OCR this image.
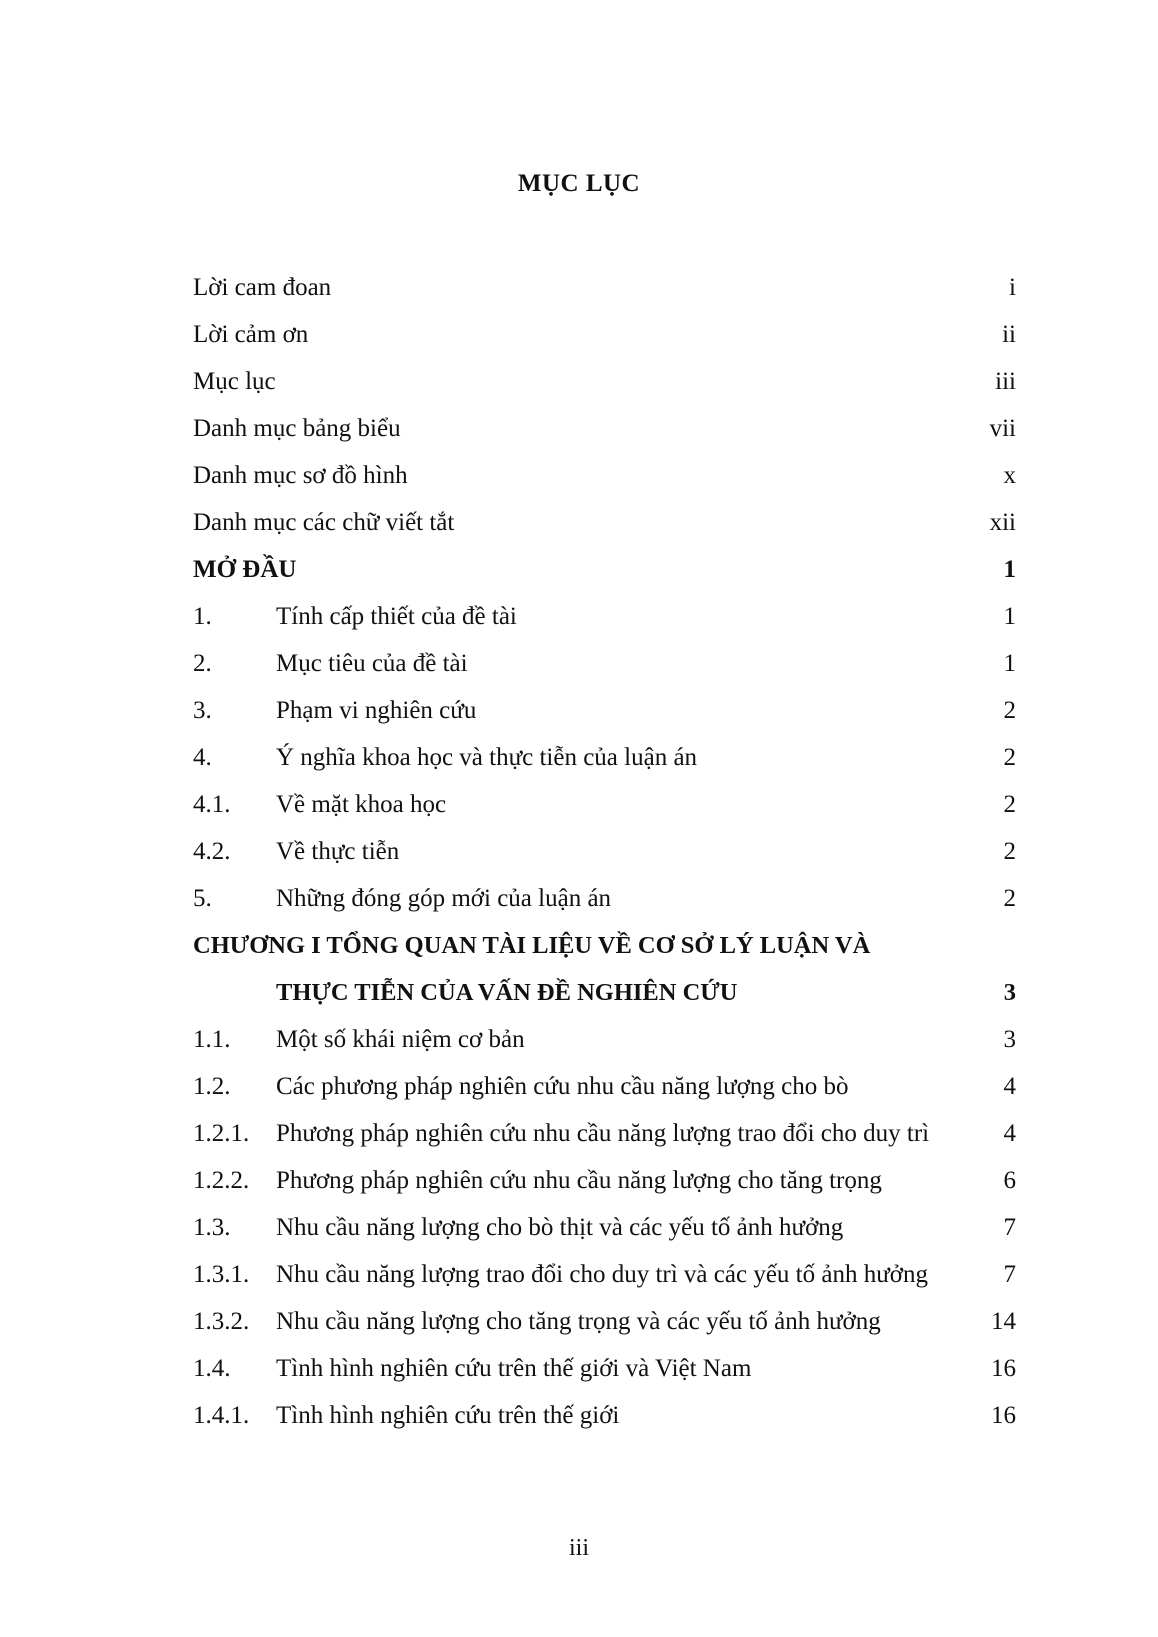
MỤC LỤC
Lời cam đoan	i
Lời cảm ơn	ii
Mục lục	iii
Danh mục bảng biểu	vii
Danh mục sơ đồ hình	x
Danh mục các chữ viết tắt	xii
MỞ ĐẦU	1
1.	Tính cấp thiết của đề tài	1
2.	Mục tiêu của đề tài	1
3.	Phạm vi nghiên cứu	2
4.	Ý nghĩa khoa học và thực tiễn của luận án	2
4.1. Về mặt khoa học	2
4.2. Về thực tiễn	2
5.	Những đóng góp mới của luận án	2
CHƯƠNG I TỔNG QUAN TÀI LIỆU VỀ CƠ SỞ LÝ LUẬN VÀ
THỰC TIỄN CỦA VẤN ĐỀ NGHIÊN CỨU	3
1.1. Một số khái niệm cơ bản	3
1.2. Các phương pháp nghiên cứu nhu cầu năng lượng cho bò	4
1.2.1. Phương pháp nghiên cứu nhu cầu năng lượng trao đổi cho duy trì	4
1.2.2. Phương pháp nghiên cứu nhu cầu năng lượng cho tăng trọng	6
1.3. Nhu cầu năng lượng cho bò thịt và các yếu tố ảnh hưởng	7
1.3.1. Nhu cầu năng lượng trao đổi cho duy trì và các yếu tố ảnh hưởng	7
1.3.2. Nhu cầu năng lượng cho tăng trọng và các yếu tố ảnh hưởng	14
1.4. Tình hình nghiên cứu trên thế giới và Việt Nam	16
1.4.1. Tình hình nghiên cứu trên thế giới	16
iii
